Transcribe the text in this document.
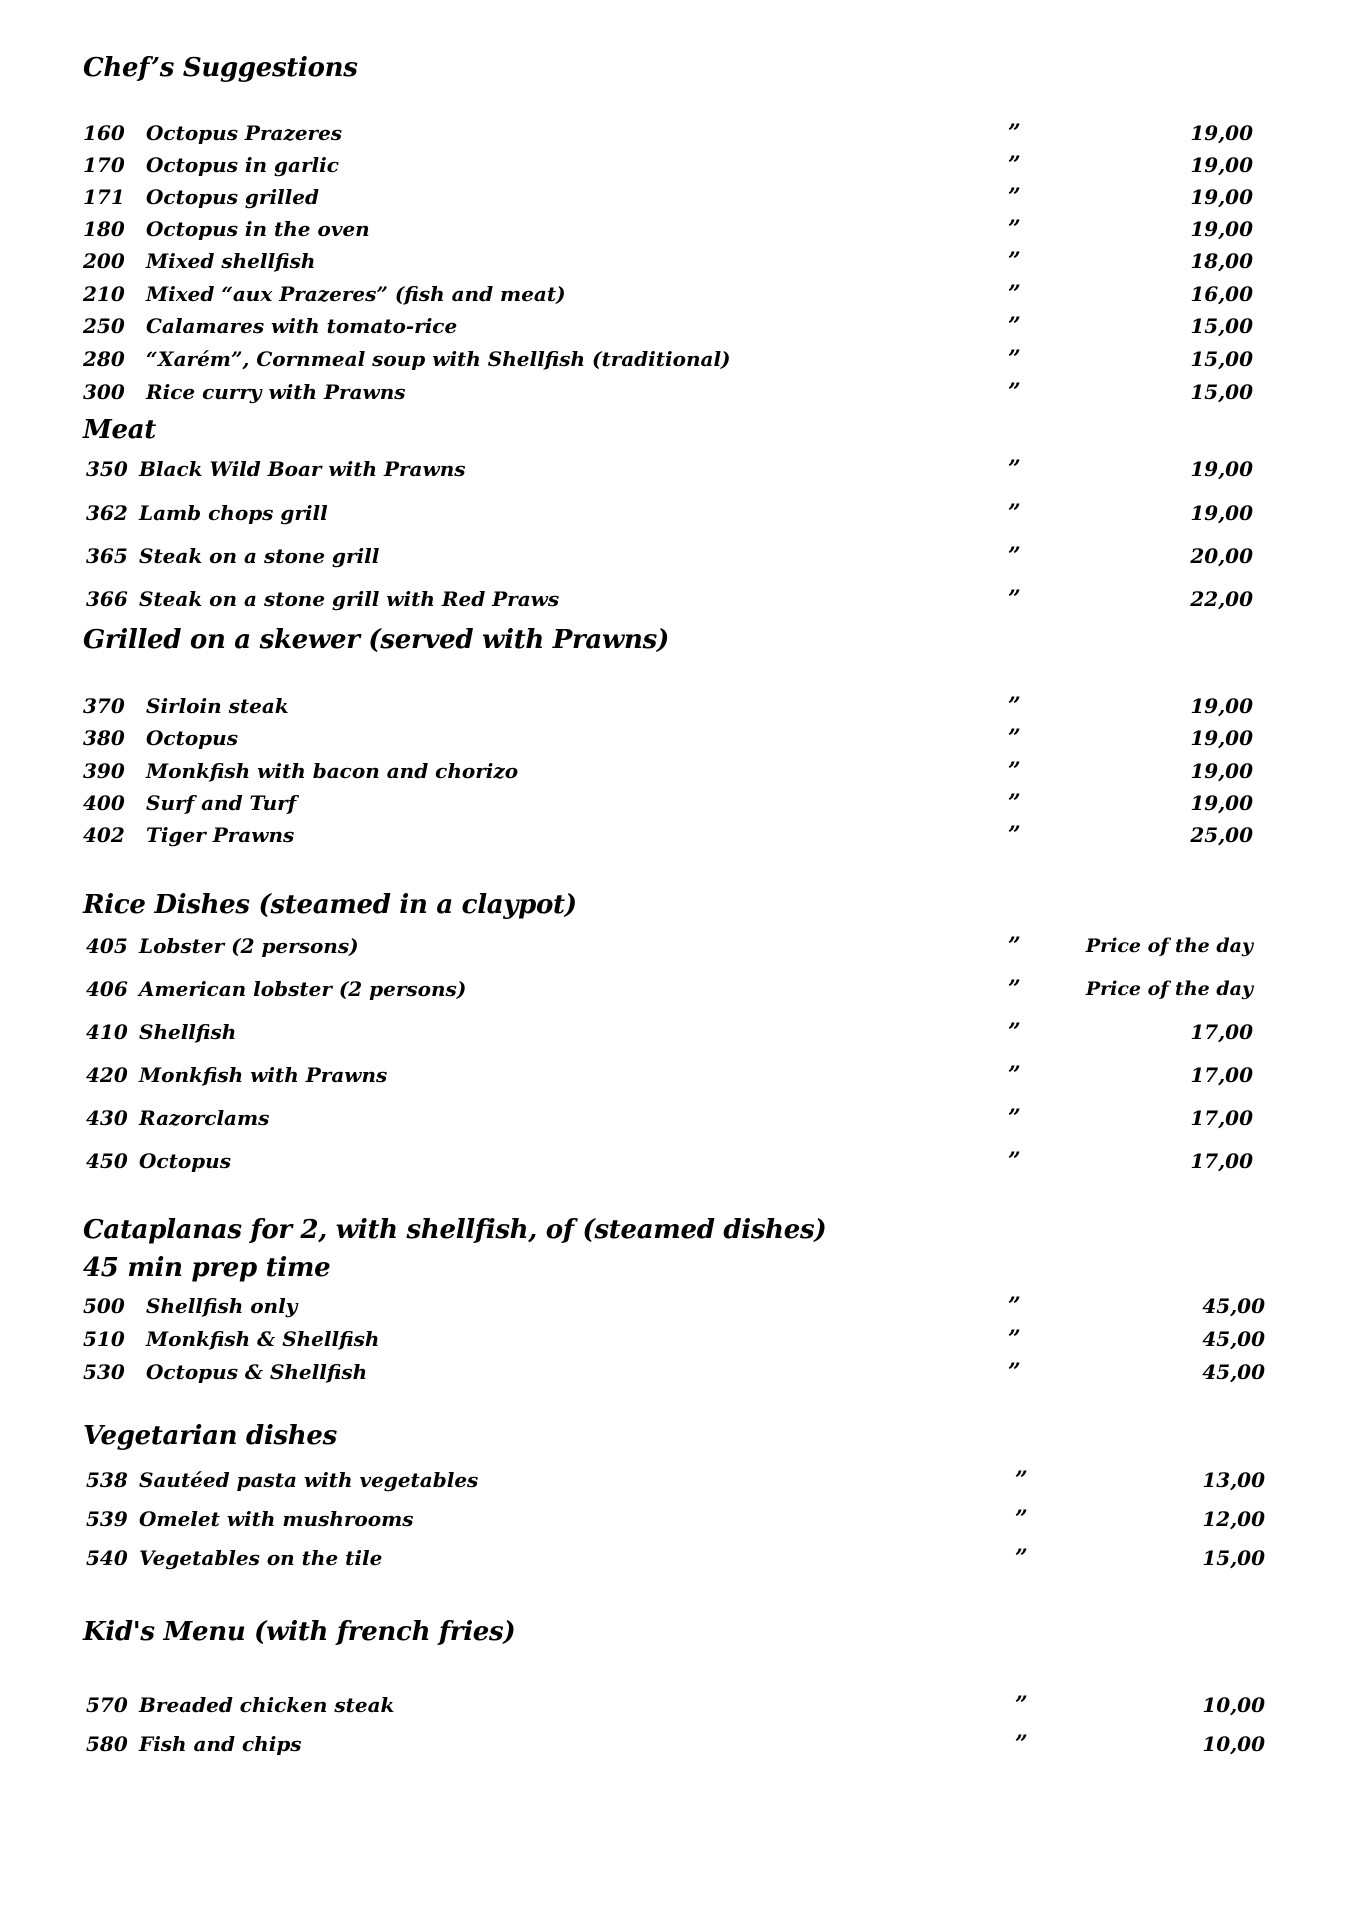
Chef’s Suggestions
160 Octopus Prazeres	”	19,00
170 Octopus in garlic	”	19,00
171 Octopus grilled	”	19,00
180 Octopus in the oven	”	19,00
200 Mixed shellfish	”	18,00
210 Mixed “aux Prazeres” (fish and meat)	”	16,00
250 Calamares with tomato-rice	”	15,00
280 “Xarém”, Cornmeal soup with Shellfish (traditional)	”	15,00
300 Rice curry with Prawns	”	15,00
Meat
350 Black Wild Boar with Prawns	”	19,00
362 Lamb chops grill	”	19,00
365 Steak on a stone grill	”	20,00
366 Steak on a stone grill with Red Praws	”	22,00
Grilled on a skewer (served with Prawns)
370 Sirloin steak	”	19,00
380 Octopus	”	19,00
390 Monkfish with bacon and chorizo	”	19,00
400 Surf and Turf	”	19,00
402 Tiger Prawns	”	25,00
Rice Dishes (steamed in a claypot)
405 Lobster (2 persons)	”	Price of the day
406 American lobster (2 persons)	”	Price of the day
410 Shellfish	”	17,00
420 Monkfish with Prawns	”	17,00
430 Razorclams	”	17,00
450 Octopus	”	17,00
Cataplanas for 2, with shellfish, of (steamed dishes)
45 min prep time
500 Shellfish only	”	45,00
510 Monkfish & Shellfish	”	45,00
530 Octopus & Shellfish	”	45,00
Vegetarian dishes
538 Sautéed pasta with vegetables	”	13,00
539 Omelet with mushrooms	”	12,00
540 Vegetables on the tile	”	15,00
Kid's Menu (with french fries)
570 Breaded chicken steak	”	10,00
580 Fish and chips	”	10,00
